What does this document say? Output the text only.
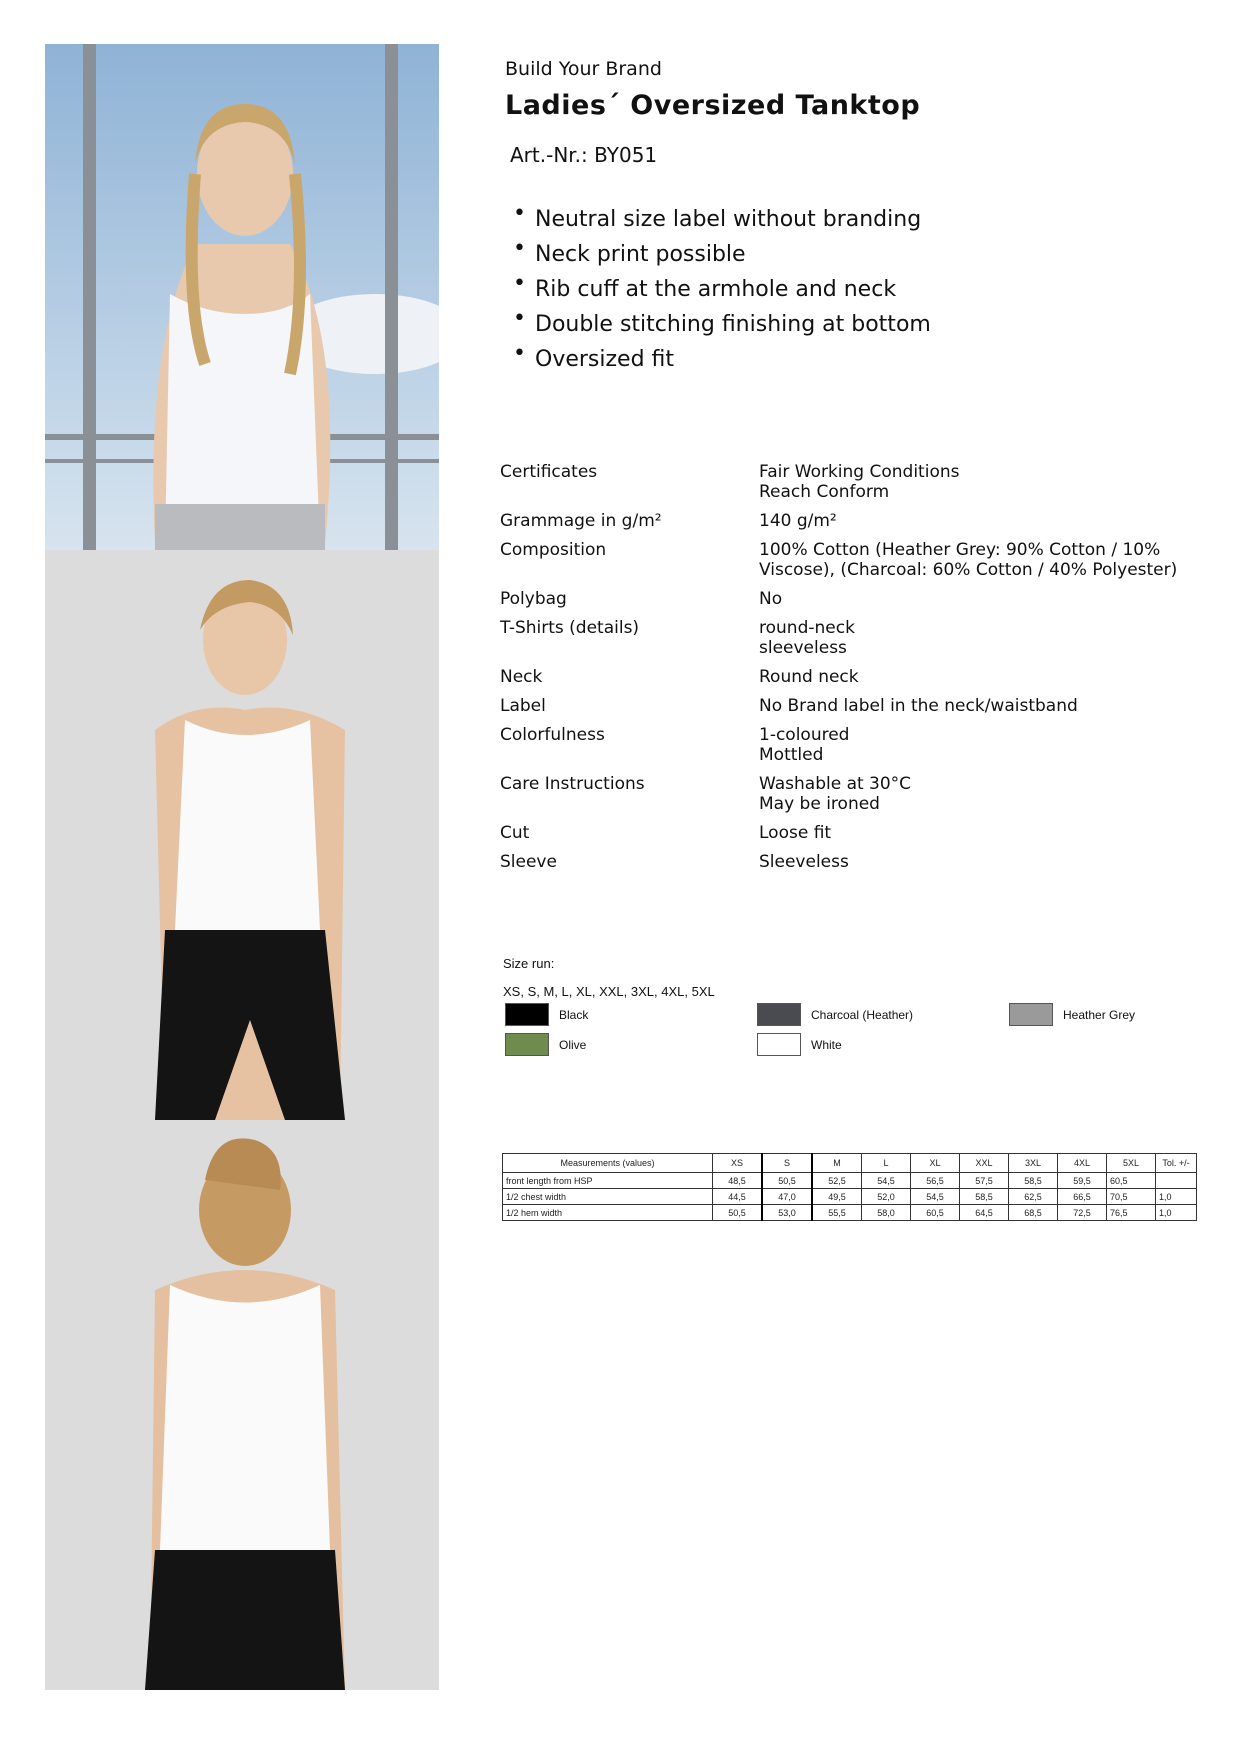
Build Your Brand
Ladies´ Oversized Tanktop
Art.-Nr.: BY051
• Neutral size label without branding
• Neck print possible
• Rib cuff at the armhole and neck
• Double stitching finishing at bottom
• Oversized fit
Certificates	Fair Working Conditions
Reach Conform
Grammage in g/m²	140 g/m²
Composition	100% Cotton (Heather Grey: 90% Cotton / 10%
Viscose), (Charcoal: 60% Cotton / 40% Polyester)
Polybag	No
T-Shirts (details)	round-neck
sleeveless
Neck	Round neck
Label	No Brand label in the neck/waistband
Colorfulness	1-coloured
Mottled
Care Instructions	Washable at 30°C
May be ironed
Cut	Loose fit
Sleeve	Sleeveless
Size run:
XS, S, M, L, XL, XXL, 3XL, 4XL, 5XL
Black	Charcoal (Heather)	Heather Grey
Olive	White
Measurements (values)	XS	S	M	L	XL	XXL	3XL	4XL	5XL	Tol. +/-
front length from HSP	48,5	50,5	52,5	54,5	56,5	57,5	58,5	59,5	60,5	
1/2 chest width	44,5	47,0	49,5	52,0	54,5	58,5	62,5	66,5	70,5	1,0
1/2 hem width	50,5	53,0	55,5	58,0	60,5	64,5	68,5	72,5	76,5	1,0
